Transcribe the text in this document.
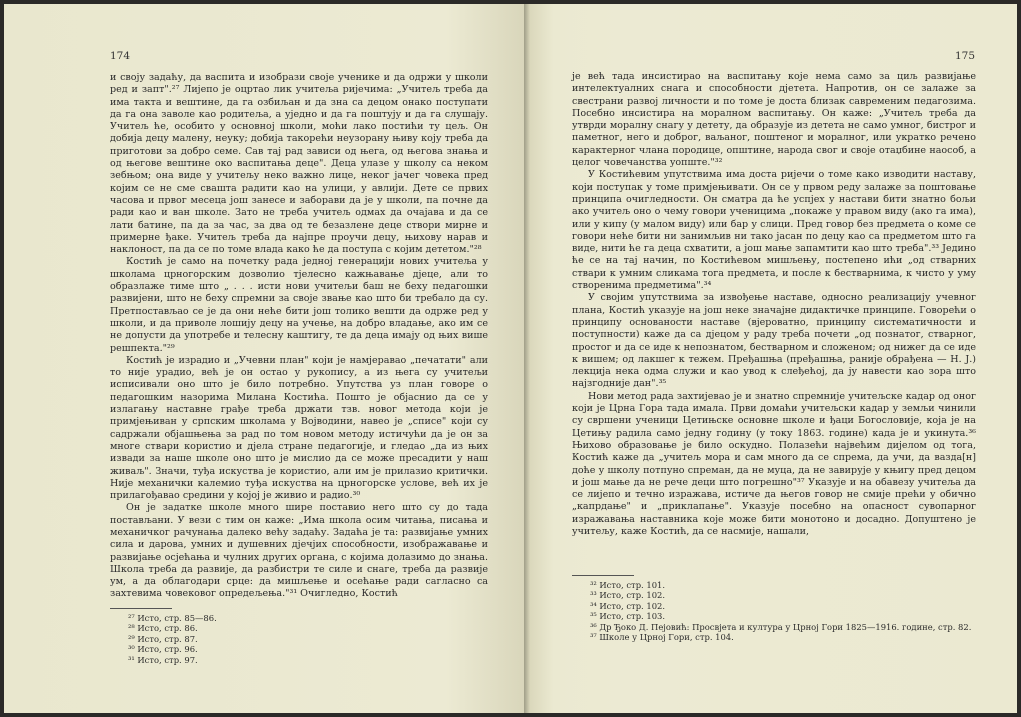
174

и своју задаћу, да васпита и изобрази своје ученике и да одржи у школи ред и запт".²⁷ Лијепо је оцртао лик учитеља ријечима: „Учитељ треба да има такта и вештине, да га озбиљан и да зна са децом онако поступати да га она заволе као родитеља, а уједно и да га поштују и да га слушају. Учитељ ће, особито у основној школи, моћи лако постићи ту цељ. Он добија децу малену, неуку; добија такорећи неузорану њиву коју треба да приготови за добро семе. Сав тај рад зависи од њега, од његова знања и од његове вештине око васпитања деце". Деца улазе у школу са неком зебњом; она виде у учитељу неко важно лице, неког јачег човека пред којим се не сме свашта радити као на улици, у авлији. Дете се првих часова и првог месеца још занесе и заборави да је у школи, па почне да ради као и ван школе. Зато не треба учитељ одмах да очајава и да се лати батине, па да за час, за два од те безазлене деце створи мирне и примерне ђаке. Учитељ треба да најпре проучи децу, њихову нарав и наклоност, па да се по томе влада како ће да поступа с којим дететом."²⁸

Костић је само на почетку рада једној генерацији нових учитеља у школама црногорским дозволио тјелесно кажњавање дјеце, али то образлаже тиме што „ . . . исти нови учитељи баш не беху педагошки развијени, што не беху спремни за своје звање као што би требало да су. Претпостављао се је да они неће бити још толико вешти да одрже ред у школи, и да приволе лошију децу на учење, на добро владање, ако им се не допусти да употребе и телесну каштигу, те да деца имају од њих више решпекта."²⁹

Костић је израдио и „Учевни план" који је намјеравао „печатати" али то није урадио, већ је он остао у рукопису, а из њега су учитељи исписивали оно што је било потребно. Упутства уз план говоре о педагошким назорима Милана Костића. Пошто је објаснио да се у излагању наставне грађе треба држати тзв. новог метода који је примјењиван у српским школама у Војводини, навео је „списе" који су садржали објашњења за рад по том новом методу истичући да је он за многе ствари користио и дјела стране педагогије, и гледао „да из њих извади за наше школе оно што је мислио да се може пресадити у наш живаљ". Значи, туђа искуства је користио, али им је прилазио критички. Није механички калемио туђа искуства на црногорске услове, већ их је прилагођавао средини у којој је живио и радио.³⁰

Он је задатке школе много шире поставио него што су до тада постављани. У вези с тим он каже: „Има школа осим читања, писања и механичког рачунања далеко већу задаћу. Задаћа је та: развијање умних сила и дарова, умних и душевних дјечјих способности, изображавање и развијање осјећања и чулних других органа, с којима долазимо до знања. Школа треба да развије, да разбистри те силе и снаге, треба да развије ум, а да облагодари срце: да мишљење и осећање ради сагласно са захтевима човековог опредељења."³¹ Очигледно, Костић

²⁷ Исто, стр. 85—86.
²⁸ Исто, стр. 86.
²⁹ Исто, стр. 87.
³⁰ Исто, стр. 96.
³¹ Исто, стр. 97.
175

је већ тада инсистирао на васпитању које нема само за циљ развијање интелектуалних снага и способности дјетета. Напротив, он се залаже за свестрани развој личности и по томе је доста близак савременим педагозима. Посебно инсистира на моралном васпитању. Он каже: „Учитељ треба да утврди моралну снагу у детету, да образује из детета не само умног, бистрог и паметног, него и доброг, ваљаног, поштеног и моралног, или укратко речено карактерног члана породице, општине, народа свог и своје отаџбине наособ, а целог човечанства уопште."³²

У Костићевим упутствима има доста ријечи о томе како изводити наставу, који поступак у томе примјењивати. Он се у првом реду залаже за поштовање принципа очигледности. Он сматра да ће успјех у настави бити знатно бољи ако учитељ оно о чему говори ученицима „покаже у правом виду (ако га има), или у кипу (у малом виду) или бар у слици. Пред говор без предмета о коме се говори неће бити ни занимљив ни тако јасан по децу као са предметом што га виде, нити ће га деца схватити, а још мање запамтити као што треба".³³ Једино ће се на тај начин, по Костићевом мишљењу, постепено ићи „од стварних ствари к умним сликама тога предмета, и после к бестварнима, к чисто у уму створенима предметима".³⁴

У својим упутствима за извођење наставе, односно реализацију учевног плана, Костић указује на још неке значајне дидактичке принципе. Говорећи о принципу основаности наставе (вјероватно, принципу систематичности и поступности) каже да са дјецом у раду треба почети „од познатог, стварног, простог и да се иде к непознатом, бестварном и сложеном; од нижег да се иде к вишем; од лакшег к тежем. Пређашња (пређашња, раније обрађена — Н. Ј.) лекција нека одма служи и као увод к слеђећој, да ју навести као зора што најзгодније дан".³⁵

Нови метод рада захтијевао је и знатно спремније учитељске кадар од оног који је Црна Гора тада имала. Први домаћи учитељски кадар у земљи чинили су свршени ученици Цетињске основне школе и ђаци Богословије, која је на Цетињу радила само једну годину (у току 1863. године) када је и укинута.³⁶ Њихово образовање је било оскудно. Полазећи највећим дијелом од тога, Костић каже да „учитељ мора и сам много да се спрема, да учи, да вазда[н] доће у школу потпуно спреман, да не муца, да не завирује у књигу пред децом и још мање да не рече деци што погрешно"³⁷ Указује и на обавезу учитеља да се лијепо и течно изражава, истиче да његов говор не смије прећи у обично „капрдање" и „приклапање". Указује посебно на опасност сувопарног изражавања наставника које може бити монотоно и досадно. Допуштено је учитељу, каже Костић, да се насмије, нашали,

³² Исто, стр. 101.
³³ Исто, стр. 102.
³⁴ Исто, стр. 102.
³⁵ Исто, стр. 103.
³⁶ Др Ђоко Д. Пејовић: Просвјета и култура у Црној Гори 1825—1916. године, стр. 82.
³⁷ Школе у Црној Гори, стр. 104.
